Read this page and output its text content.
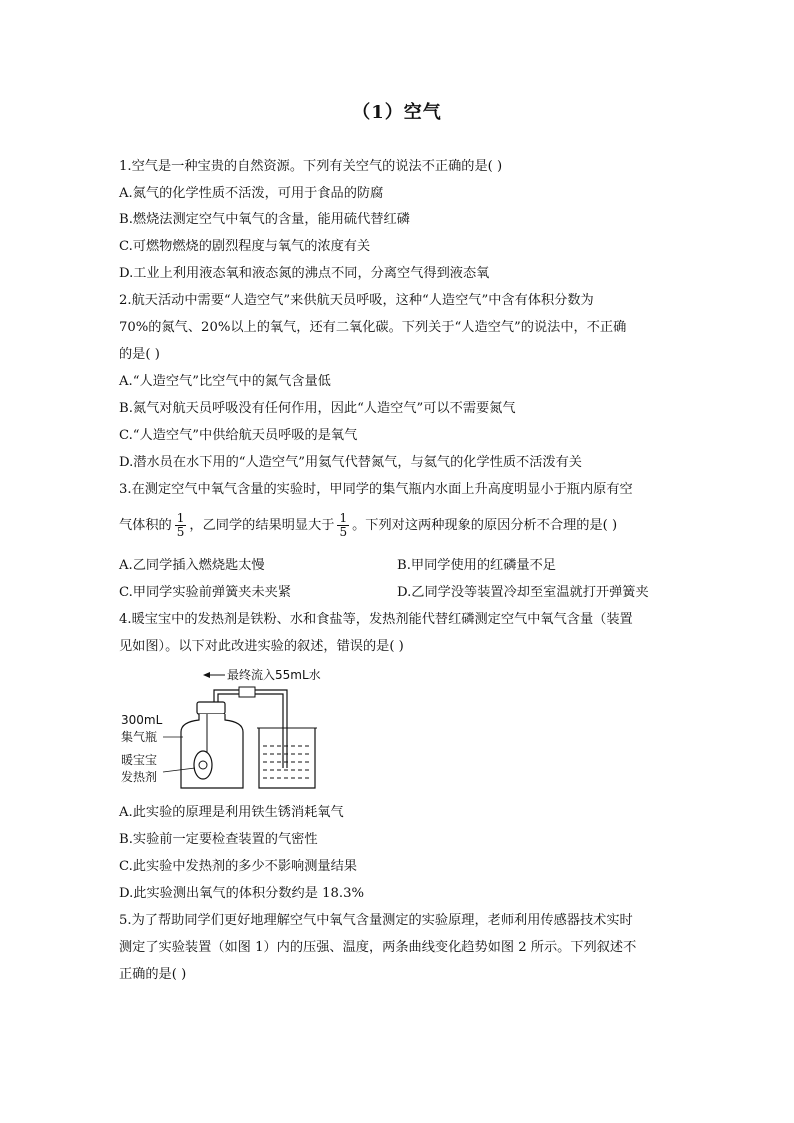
（1）空气
1.空气是一种宝贵的自然资源。下列有关空气的说法不正确的是( )
A.氮气的化学性质不活泼，可用于食品的防腐
B.燃烧法测定空气中氧气的含量，能用硫代替红磷
C.可燃物燃烧的剧烈程度与氧气的浓度有关
D.工业上利用液态氧和液态氮的沸点不同，分离空气得到液态氧
2.航天活动中需要“人造空气”来供航天员呼吸，这种“人造空气”中含有体积分数为
70%的氮气、20%以上的氧气，还有二氧化碳。下列关于“人造空气”的说法中，不正确
的是( )
A.“人造空气”比空气中的氮气含量低
B.氮气对航天员呼吸没有任何作用，因此“人造空气”可以不需要氮气
C.“人造空气”中供给航天员呼吸的是氧气
D.潜水员在水下用的“人造空气”用氦气代替氮气，与氦气的化学性质不活泼有关
3.在测定空气中氧气含量的实验时，甲同学的集气瓶内水面上升高度明显小于瓶内原有空
气体积的 $\frac{1}{5}$ ，乙同学的结果明显大于 $\frac{1}{5}$ 。下列对这两种现象的原因分析不合理的是( )
A.乙同学插入燃烧匙太慢	B.甲同学使用的红磷量不足
C.甲同学实验前弹簧夹未夹紧	D.乙同学没等装置冷却至室温就打开弹簧夹
4.暖宝宝中的发热剂是铁粉、水和食盐等，发热剂能代替红磷测定空气中氧气含量（装置
见如图）。以下对此改进实验的叙述，错误的是( )
最终流入55mL水
300mL
集气瓶
暖宝宝
发热剂
A.此实验的原理是利用铁生锈消耗氧气
B.实验前一定要检查装置的气密性
C.此实验中发热剂的多少不影响测量结果
D.此实验测出氧气的体积分数约是 18.3%
5.为了帮助同学们更好地理解空气中氧气含量测定的实验原理，老师利用传感器技术实时
测定了实验装置（如图 1）内的压强、温度，两条曲线变化趋势如图 2 所示。下列叙述不
正确的是( )
